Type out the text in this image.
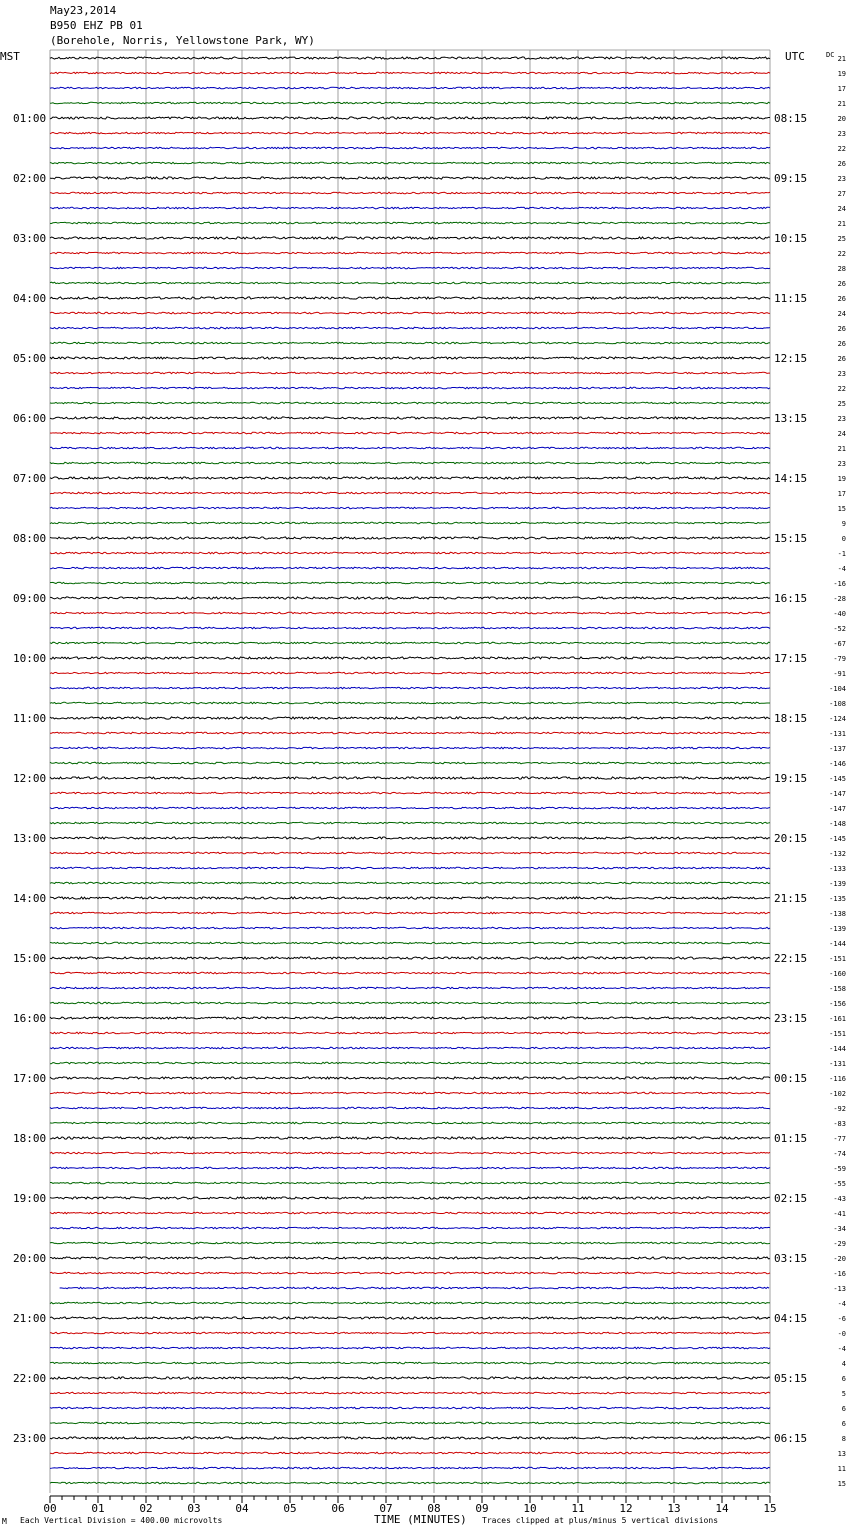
May23,2014
B950 EHZ PB 01
(Borehole, Norris, Yellowstone Park, WY)
01:00
02:00
03:00
04:00
05:00
06:00
07:00
08:00
09:00
10:00
11:00
12:00
13:00
14:00
15:00
16:00
17:00
18:00
19:00
20:00
21:00
22:00
23:00
08:15
09:15
10:15
11:15
12:15
13:15
14:15
15:15
16:15
17:15
18:15
19:15
20:15
21:15
22:15
23:15
00:15
01:15
02:15
03:15
04:15
05:15
06:15
21
19
17
21
20
23
22
26
23
27
24
21
25
22
28
26
26
24
26
26
26
23
22
25
23
24
21
23
19
17
15
9
0
-1
-4
-16
-28
-40
-52
-67
-79
-91
-104
-108
-124
-131
-137
-146
-145
-147
-147
-148
-145
-132
-133
-139
-135
-138
-139
-144
-151
-160
-158
-156
-161
-151
-144
-131
-116
-102
-92
-83
-77
-74
-59
-55
-43
-41
-34
-29
-20
-16
-13
-4
-6
-0
-4
4
6
5
6
6
8
13
11
15
00	01	02	03	04	05	06	07	08	09	10	11	12	13	14	15
MST	UTC	DC
M Each Vertical Division = 400.00 microvolts	TIME (MINUTES) Traces clipped at plus/minus 5 vertical divisions
